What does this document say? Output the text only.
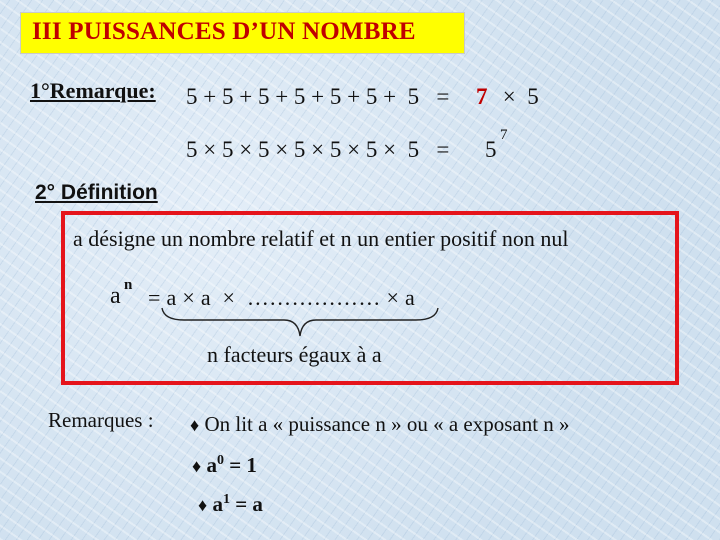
III PUISSANCES D’UN NOMBRE
1°Remarque: 5 + 5 + 5 + 5 + 5 + 5 +  5   = 7 ×  5
5 × 5 × 5 × 5 × 5 × 5 ×  5   = 5
7
2° Définition
a désigne un nombre relatif et n un entier positif non nul
a n = a × a  ×  ……………… × a
n facteurs égaux à a
Remarques : ♦ On lit a « puissance n » ou « a exposant n »
♦ $a^0 = 1$
♦ $a^1 = a$
